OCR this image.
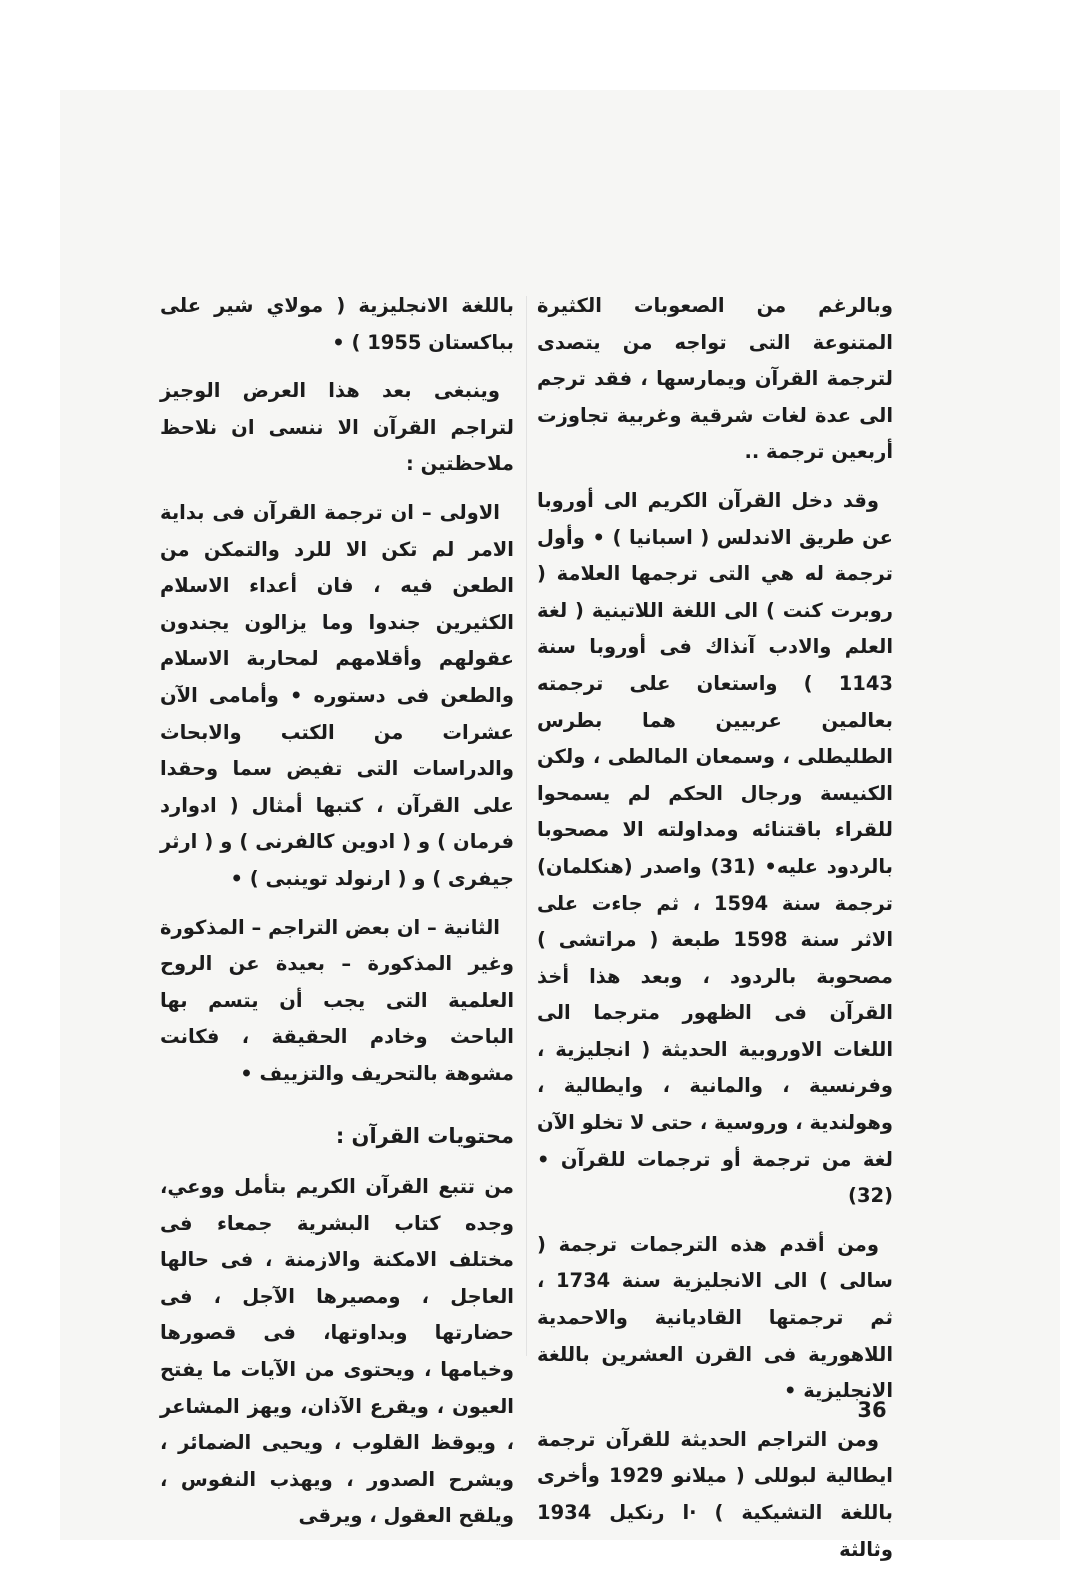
وبالرغم من الصعوبات الكثيرة المتنوعة التى تواجه من يتصدى لترجمة القرآن ويمارسها ، فقد ترجم الى عدة لغات شرقية وغربية تجاوزت أربعين ترجمة ..

وقد دخل القرآن الكريم الى أوروبا عن طريق الاندلس ( اسبانيا ) • وأول ترجمة له هي التى ترجمها العلامة ( روبرت كنت ) الى اللغة اللاتينية ( لغة العلم والادب آنذاك فى أوروبا سنة 1143 ) واستعان على ترجمته بعالمين عربيين هما بطرس الطليطلى ، وسمعان المالطى ، ولكن الكنيسة ورجال الحكم لم يسمحوا للقراء باقتنائه ومداولته الا مصحوبا بالردود عليه• (31) واصدر (هنكلمان) ترجمة سنة 1594 ، ثم جاءت على الاثر سنة 1598 طبعة ( مراتشى ) مصحوبة بالردود ، وبعد هذا أخذ القرآن فى الظهور مترجما الى اللغات الاوروبية الحديثة ( انجليزية ، وفرنسية ، والمانية ، وايطالية ، وهولندية ، وروسية ، حتى لا تخلو الآن لغة من ترجمة أو ترجمات للقرآن • (32)

ومن أقدم هذه الترجمات ترجمة ( سالى ) الى الانجليزية سنة 1734 ، ثم ترجمتها القاديانية والاحمدية اللاهورية فى القرن العشرين باللغة الانجليزية •

ومن التراجم الحديثة للقرآن ترجمة ايطالية لبوللى ( ميلانو 1929 وأخرى باللغة التشيكية ) ·ا رنكيل 1934 وثالثة

باللغة الانجليزية ( مولاي شير على بباكستان 1955 ) •

وينبغى بعد هذا العرض الوجيز لتراجم القرآن الا ننسى ان نلاحظ ملاحظتين :

الاولى – ان ترجمة القرآن فى بداية الامر لم تكن الا للرد والتمكن من الطعن فيه ، فان أعداء الاسلام الكثيرين جندوا وما يزالون يجندون عقولهم وأقلامهم لمحاربة الاسلام والطعن فى دستوره • وأمامى الآن عشرات من الكتب والابحاث والدراسات التى تفيض سما وحقدا على القرآن ، كتبها أمثال ( ادوارد فرمان ) و ( ادوين كالفرنى ) و ( ارثر جيفرى ) و ( ارنولد توينبى ) •

الثانية – ان بعض التراجم – المذكورة وغير المذكورة – بعيدة عن الروح العلمية التى يجب أن يتسم بها الباحث وخادم الحقيقة ، فكانت مشوهة بالتحريف والتزييف •

محتويات القرآن :

من تتبع القرآن الكريم بتأمل ووعي، وجده كتاب البشرية جمعاء فى مختلف الامكنة والازمنة ، فى حالها العاجل ، ومصيرها الآجل ، فى حضارتها وبداوتها، فى قصورها وخيامها ، ويحتوى من الآيات ما يفتح العيون ، ويقرع الآذان، ويهز المشاعر ، ويوقظ القلوب ، ويحيى الضمائر ، ويشرح الصدور ، ويهذب النفوس ، ويلقح العقول ، ويرقى

36
